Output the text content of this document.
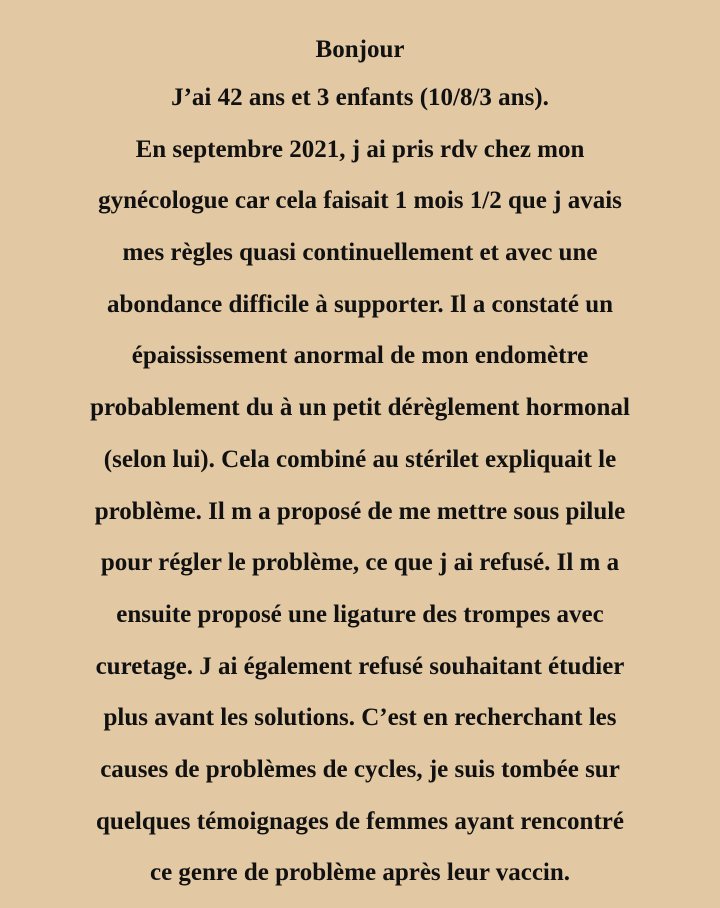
Bonjour

J’ai 42 ans et 3 enfants (10/8/3 ans).

En septembre 2021, j ai pris rdv chez mon

gynécologue car cela faisait 1 mois 1/2 que j avais

mes règles quasi continuellement et avec une

abondance difficile à supporter. Il a constaté un

épaississement anormal de mon endomètre

probablement du à un petit dérèglement hormonal

(selon lui). Cela combiné au stérilet expliquait le

problème. Il m a proposé de me mettre sous pilule

pour régler le problème, ce que j ai refusé. Il m a

ensuite proposé une ligature des trompes avec

curetage. J ai également refusé souhaitant étudier

plus avant les solutions. C’est en recherchant les

causes de problèmes de cycles, je suis tombée sur

quelques témoignages de femmes ayant rencontré

ce genre de problème après leur vaccin.
